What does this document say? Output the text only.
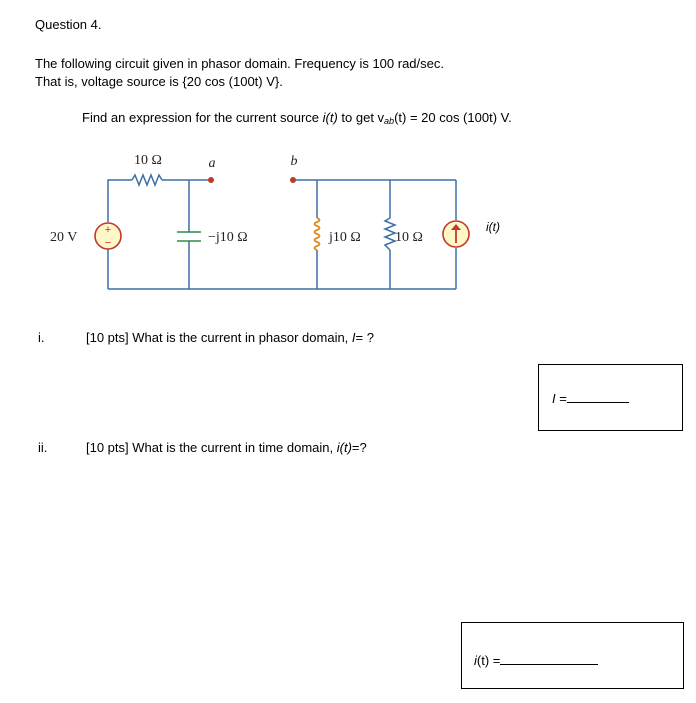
Question 4.
The following circuit given in phasor domain. Frequency is 100 rad/sec.
That is, voltage source is {20 cos (100t) V}.
Find an expression for the current source i(t) to get $v_{ab}(t) = 20$ cos (100t) V.
+
−
10 Ω	a	b
20 V	−j10 Ω	j10 Ω 10 Ω
i(t)
i.	[10 pts] What is the current in phasor domain, I= ?
I =
ii.	[10 pts] What is the current in time domain, i(t)=?
i(t) =
